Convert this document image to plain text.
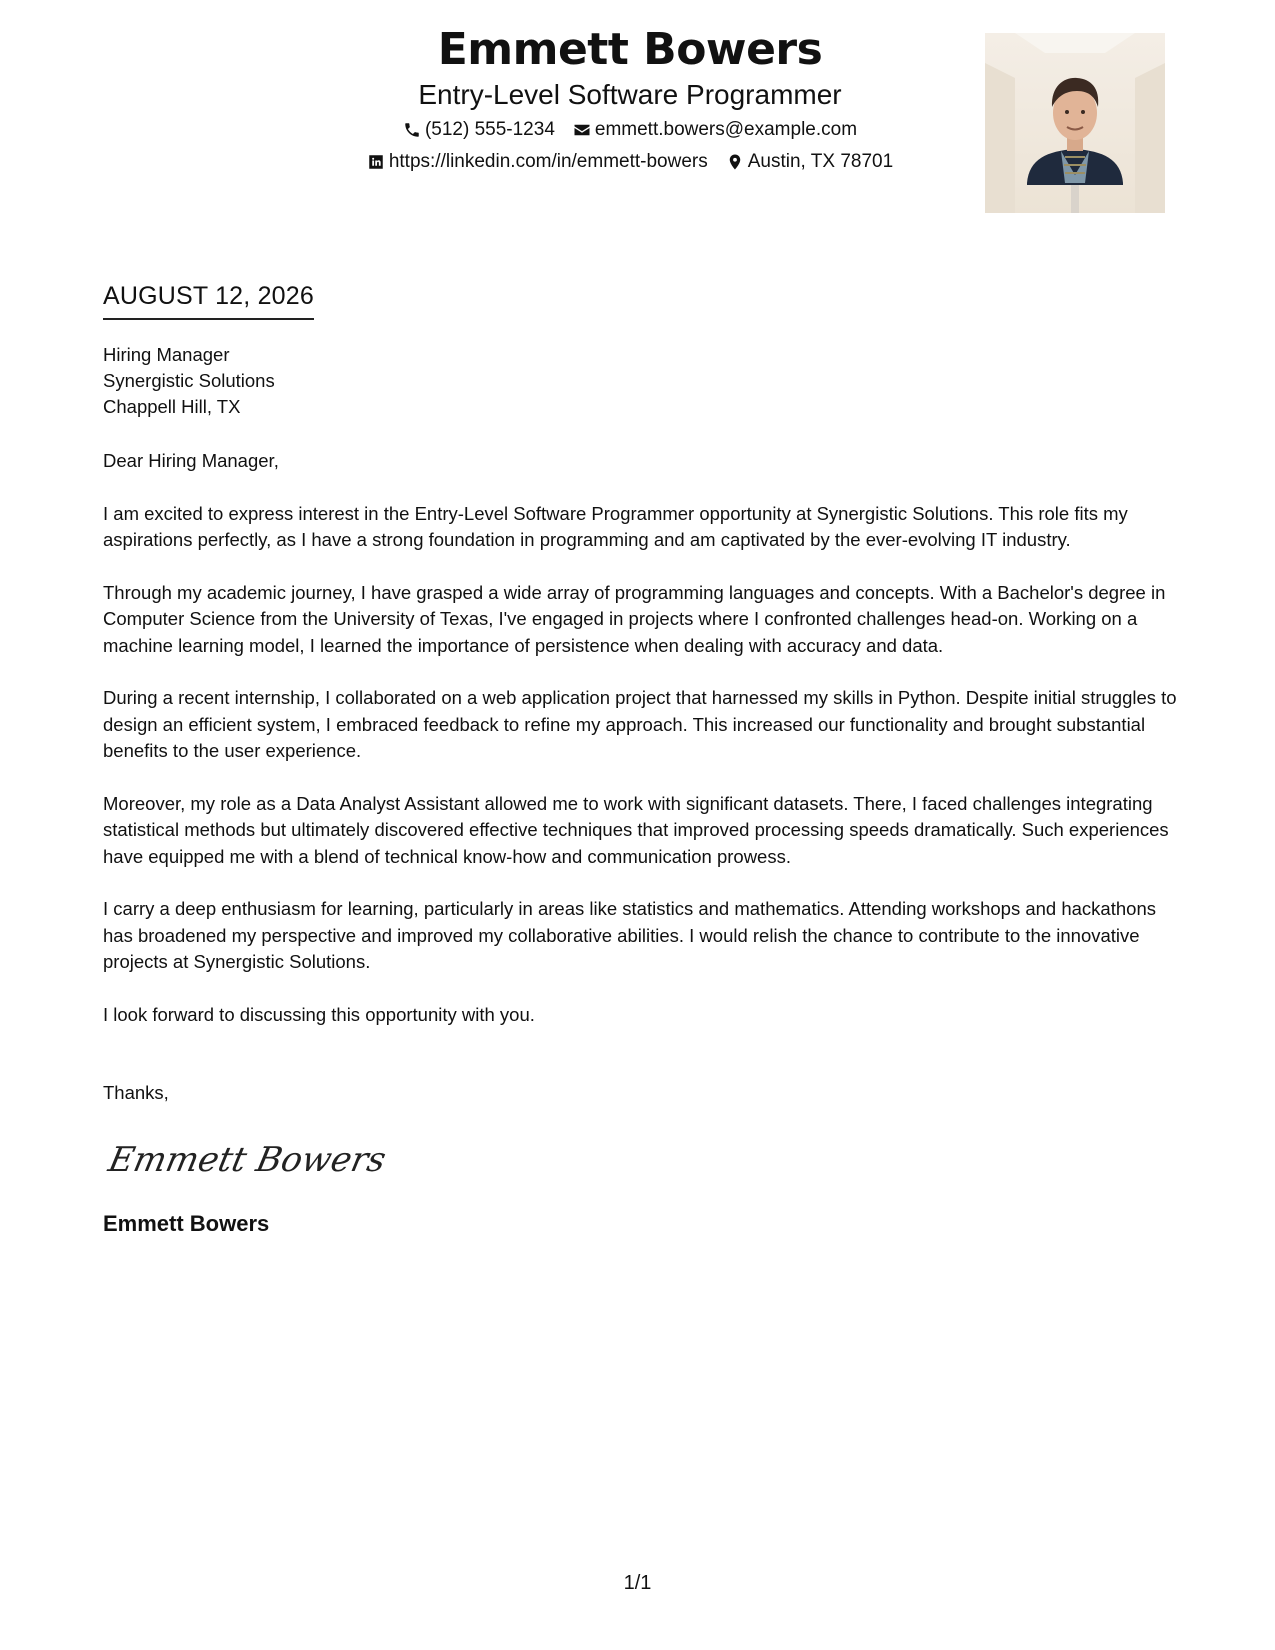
Emmett Bowers
Entry-Level Software Programmer
(512) 555-1234 emmett.bowers@example.com
https://linkedin.com/in/emmett-bowers Austin, TX 78701
AUGUST 12, 2026
Hiring Manager
Synergistic Solutions
Chappell Hill, TX

Dear Hiring Manager,

I am excited to express interest in the Entry-Level Software Programmer opportunity at Synergistic Solutions. This role fits my aspirations perfectly, as I have a strong foundation in programming and am captivated by the ever-evolving IT industry.

Through my academic journey, I have grasped a wide array of programming languages and concepts. With a Bachelor's degree in Computer Science from the University of Texas, I've engaged in projects where I confronted challenges head-on. Working on a machine learning model, I learned the importance of persistence when dealing with accuracy and data.

During a recent internship, I collaborated on a web application project that harnessed my skills in Python. Despite initial struggles to design an efficient system, I embraced feedback to refine my approach. This increased our functionality and brought substantial benefits to the user experience.

Moreover, my role as a Data Analyst Assistant allowed me to work with significant datasets. There, I faced challenges integrating statistical methods but ultimately discovered effective techniques that improved processing speeds dramatically. Such experiences have equipped me with a blend of technical know-how and communication prowess.

I carry a deep enthusiasm for learning, particularly in areas like statistics and mathematics. Attending workshops and hackathons has broadened my perspective and improved my collaborative abilities. I would relish the chance to contribute to the innovative projects at Synergistic Solutions.

I look forward to discussing this opportunity with you.

Thanks,

Emmett Bowers
Emmett Bowers
1/1
